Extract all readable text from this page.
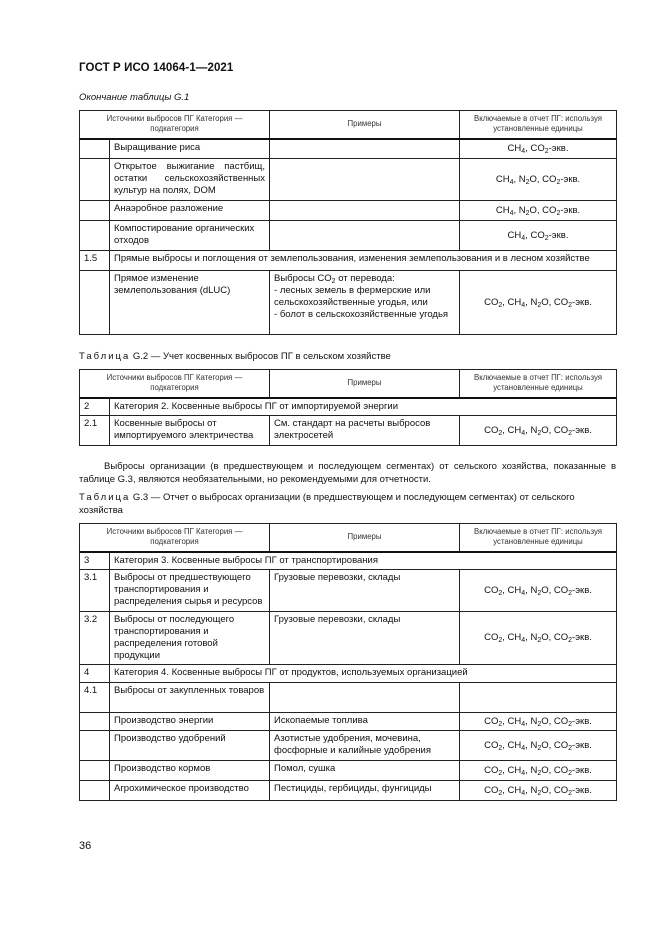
ГОСТ Р ИСО 14064-1—2021
Окончание таблицы G.1
Источники выбросов ПГ Категория — подкатегория		Примеры	Включаемые в отчет ПГ: используя установленные единицы
	Выращивание риса		$CH_4$, $CO_2$-экв.
	Открытое выжигание пастбищ, остатки сельскохозяйственных культур на полях, DOM		$CH_4$, $N_2O$, $CO_2$-экв.
	Анаэробное разложение		$CH_4$, $N_2O$, $CO_2$-экв.
	Компостирование органических отходов		$CH_4$, $CO_2$-экв.
1.5	Прямые выбросы и поглощения от землепользования, изменения землепользования и в лесном хозяйстве		
	Прямое изменение землепользования (dLUC)	Выбросы $CO_2$ от перевода:
- лесных земель в фермерские или сельскохозяйственные угодья, или
- болот в сельскохозяйственные угодья	$CO_2$, $CH_4$, $N_2O$, $CO_2$-экв.
Таблица G.2 — Учет косвенных выбросов ПГ в сельском хозяйстве
Источники выбросов ПГ Категория — подкатегория		Примеры	Включаемые в отчет ПГ: используя установленные единицы
2	Категория 2. Косвенные выбросы ПГ от импортируемой энергии		
2.1	Косвенные выбросы от импортируемого электричества	См. стандарт на расчеты выбросов электросетей	$CO_2$, $CH_4$, $N_2O$, $CO_2$-экв.
Выбросы организации (в предшествующем и последующем сегментах) от сельского хозяйства, показанные в таблице G.3, являются необязательными, но рекомендуемыми для отчетности.
Таблица G.3 — Отчет о выбросах организации (в предшествующем и последующем сегментах) от сельского хозяйства
Источники выбросов ПГ Категория — подкатегория		Примеры	Включаемые в отчет ПГ: используя установленные единицы
3	Категория 3. Косвенные выбросы ПГ от транспортирования		
3.1	Выбросы от предшествующего транспортирования и распределения сырья и ресурсов	Грузовые перевозки, склады	$CO_2$, $CH_4$, $N_2O$, $CO_2$-экв.
3.2	Выбросы от последующего транспортирования и распределения готовой продукции	Грузовые перевозки, склады	$CO_2$, $CH_4$, $N_2O$, $CO_2$-экв.
4	Категория 4. Косвенные выбросы ПГ от продуктов, используемых организацией		
4.1	Выбросы от закупленных товаров		
	Производство энергии	Ископаемые топлива	$CO_2$, $CH_4$, $N_2O$, $CO_2$-экв.
	Производство удобрений	Азотистые удобрения, мочевина, фосфорные и калийные удобрения	$CO_2$, $CH_4$, $N_2O$, $CO_2$-экв.
	Производство кормов	Помол, сушка	$CO_2$, $CH_4$, $N_2O$, $CO_2$-экв.
	Агрохимическое производство	Пестициды, гербициды, фунгициды	$CO_2$, $CH_4$, $N_2O$, $CO_2$-экв.
36
